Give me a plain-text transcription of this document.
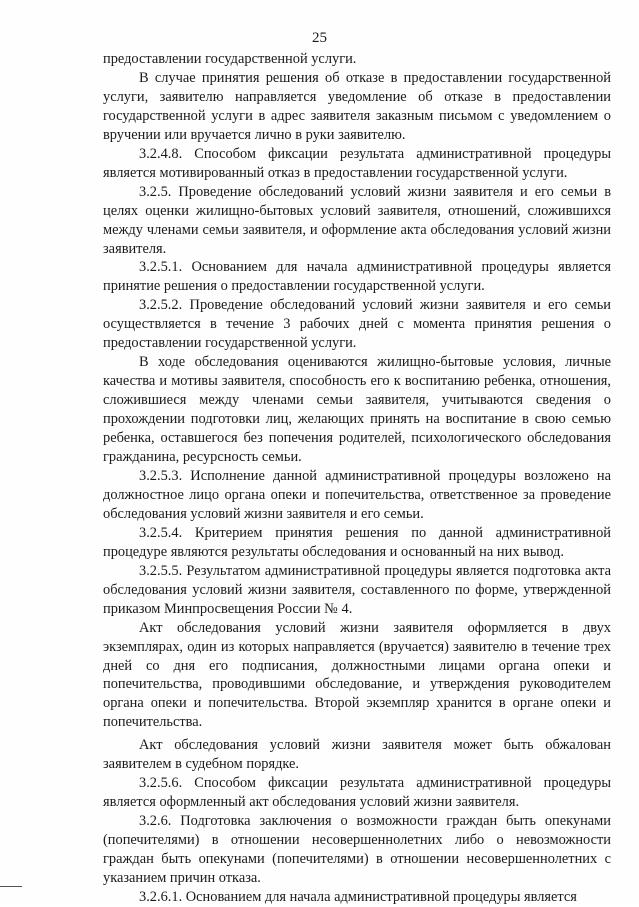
25

предоставлении государственной услуги.

В случае принятия решения об отказе в предоставлении государственной услуги, заявителю направляется уведомление об отказе в предоставлении государственной услуги в адрес заявителя заказным письмом с уведомлением о вручении или вручается лично в руки заявителю.

3.2.4.8. Способом фиксации результата административной процедуры является мотивированный отказ в предоставлении государственной услуги.

3.2.5. Проведение обследований условий жизни заявителя и его семьи в целях оценки жилищно-бытовых условий заявителя, отношений, сложившихся между членами семьи заявителя, и оформление акта обследования условий жизни заявителя.

3.2.5.1. Основанием для начала административной процедуры является принятие решения о предоставлении государственной услуги.

3.2.5.2. Проведение обследований условий жизни заявителя и его семьи осуществляется в течение 3 рабочих дней с момента принятия решения о предоставлении государственной услуги.

В ходе обследования оцениваются жилищно-бытовые условия, личные качества и мотивы заявителя, способность его к воспитанию ребенка, отношения, сложившиеся между членами семьи заявителя, учитываются сведения о прохождении подготовки лиц, желающих принять на воспитание в свою семью ребенка, оставшегося без попечения родителей, психологического обследования гражданина, ресурсность семьи.

3.2.5.3. Исполнение данной административной процедуры возложено на должностное лицо органа опеки и попечительства, ответственное за проведение обследования условий жизни заявителя и его семьи.

3.2.5.4. Критерием принятия решения по данной административной процедуре являются результаты обследования и основанный на них вывод.

3.2.5.5. Результатом административной процедуры является подготовка акта обследования условий жизни заявителя, составленного по форме, утвержденной приказом Минпросвещения России № 4.

Акт обследования условий жизни заявителя оформляется в двух экземплярах, один из которых направляется (вручается) заявителю в течение трех дней со дня его подписания, должностными лицами органа опеки и попечительства, проводившими обследование, и утверждения руководителем органа опеки и попечительства. Второй экземпляр хранится в органе опеки и попечительства.

Акт обследования условий жизни заявителя может быть обжалован заявителем в судебном порядке.

3.2.5.6. Способом фиксации результата административной процедуры является оформленный акт обследования условий жизни заявителя.

3.2.6. Подготовка заключения о возможности граждан быть опекунами (попечителями) в отношении несовершеннолетних либо о невозможности граждан быть опекунами (попечителями) в отношении несовершеннолетних с указанием причин отказа.

3.2.6.1. Основанием для начала административной процедуры является
